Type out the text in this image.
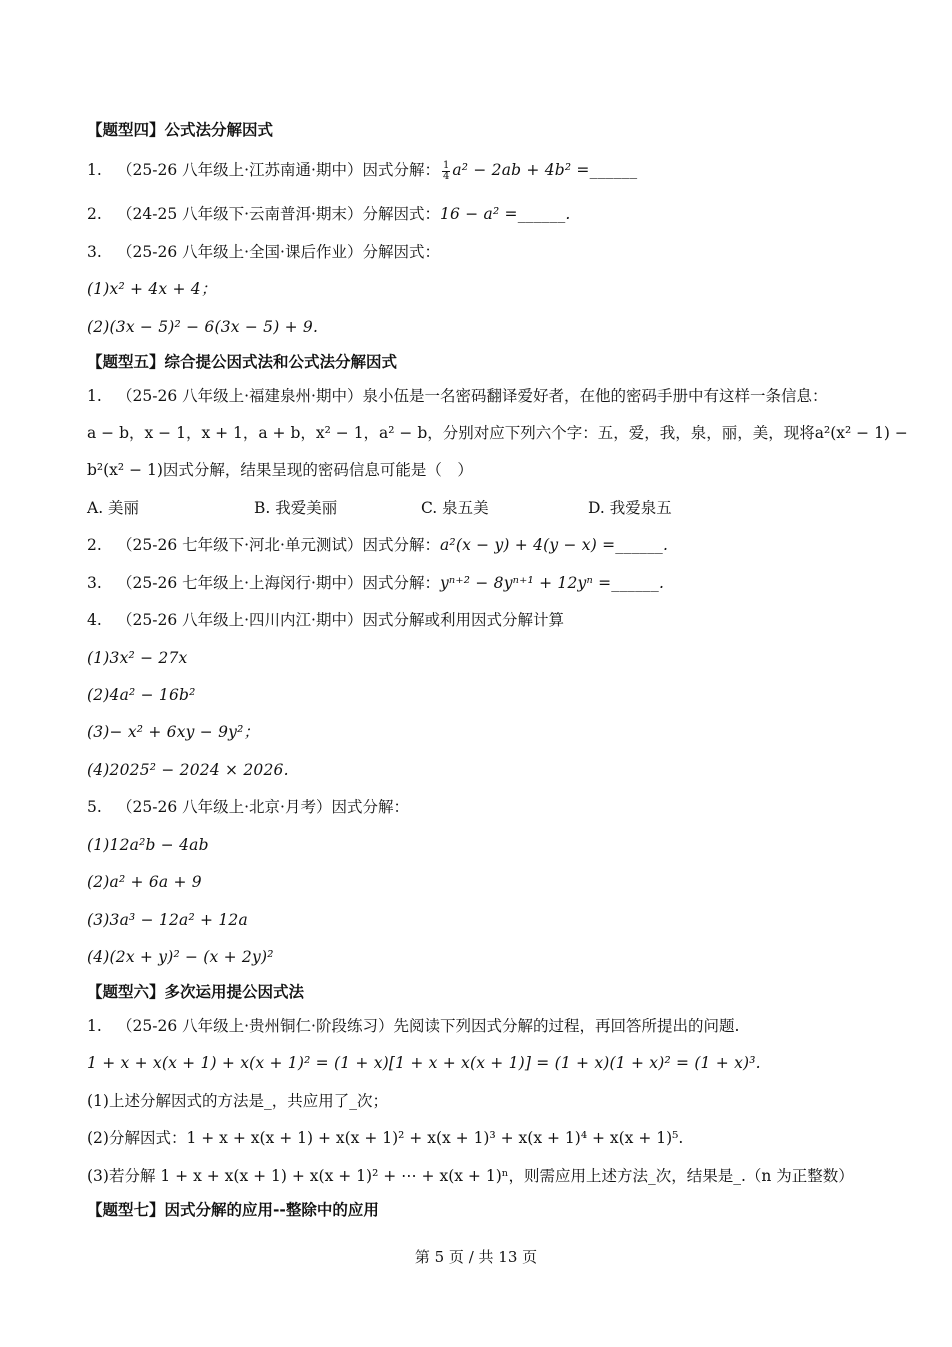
【题型四】公式法分解因式
1. （25-26 八年级上·江苏南通·期中）因式分解： $\frac{1}{4} a^2 - 2ab + 4b^2$ =______
2. （24-25 八年级下·云南普洱·期末）分解因式：16 − a² =______.
3. （25-26 八年级上·全国·课后作业）分解因式：
(1)x² + 4x + 4；
(2)(3x − 5)² − 6(3x − 5) + 9.
【题型五】综合提公因式法和公式法分解因式
1. （25-26 八年级上·福建泉州·期中）泉小伍是一名密码翻译爱好者，在他的密码手册中有这样一条信息：
a − b，x − 1，x + 1，a + b，x² − 1，a² − b，分别对应下列六个字：五，爱，我，泉，丽，美，现将a²(x² − 1) −
b²(x² − 1)因式分解，结果呈现的密码信息可能是（　）
A. 美丽	B. 我爱美丽	C. 泉五美	D. 我爱泉五
2. （25-26 七年级下·河北·单元测试）因式分解：a²(x − y) + 4(y − x) =______.
3. （25-26 七年级上·上海闵行·期中）因式分解：yⁿ⁺² − 8yⁿ⁺¹ + 12yⁿ =______.
4. （25-26 八年级上·四川内江·期中）因式分解或利用因式分解计算
(1)3x² − 27x
(2)4a² − 16b²
(3)− x² + 6xy − 9y²；
(4)2025² − 2024 × 2026.
5. （25-26 八年级上·北京·月考）因式分解：
(1)12a²b − 4ab
(2)a² + 6a + 9
(3)3a³ − 12a² + 12a
(4)(2x + y)² − (x + 2y)²
【题型六】多次运用提公因式法
1. （25-26 八年级上·贵州铜仁·阶段练习）先阅读下列因式分解的过程，再回答所提出的问题.
1 + x + x(x + 1) + x(x + 1)² = (1 + x)[1 + x + x(x + 1)] = (1 + x)(1 + x)² = (1 + x)³.
(1)上述分解因式的方法是_，共应用了_次；
(2)分解因式：1 + x + x(x + 1) + x(x + 1)² + x(x + 1)³ + x(x + 1)⁴ + x(x + 1)⁵.
(3)若分解 1 + x + x(x + 1) + x(x + 1)² + ⋯ + x(x + 1)ⁿ，则需应用上述方法_次，结果是_.（n 为正整数）
【题型七】因式分解的应用--整除中的应用
第 5 页 / 共 13 页
